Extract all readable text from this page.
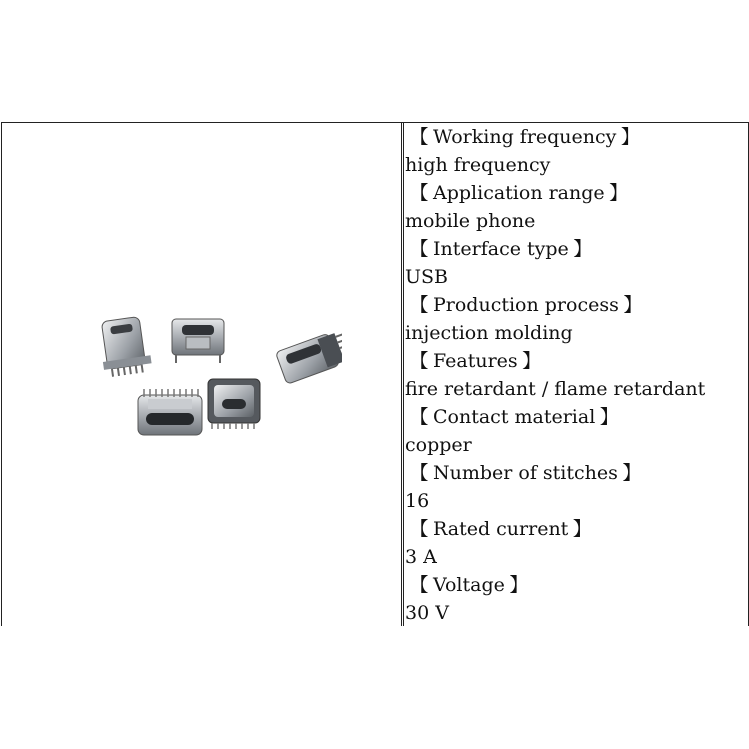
【 Working frequency 】
high frequency
【 Application range 】
mobile phone
【 Interface type 】
USB
【 Production process 】
injection molding
【 Features 】
fire retardant / flame retardant
【 Contact material 】
copper
【 Number of stitches 】
16
【 Rated current 】
3 A
【 Voltage 】
30 V
